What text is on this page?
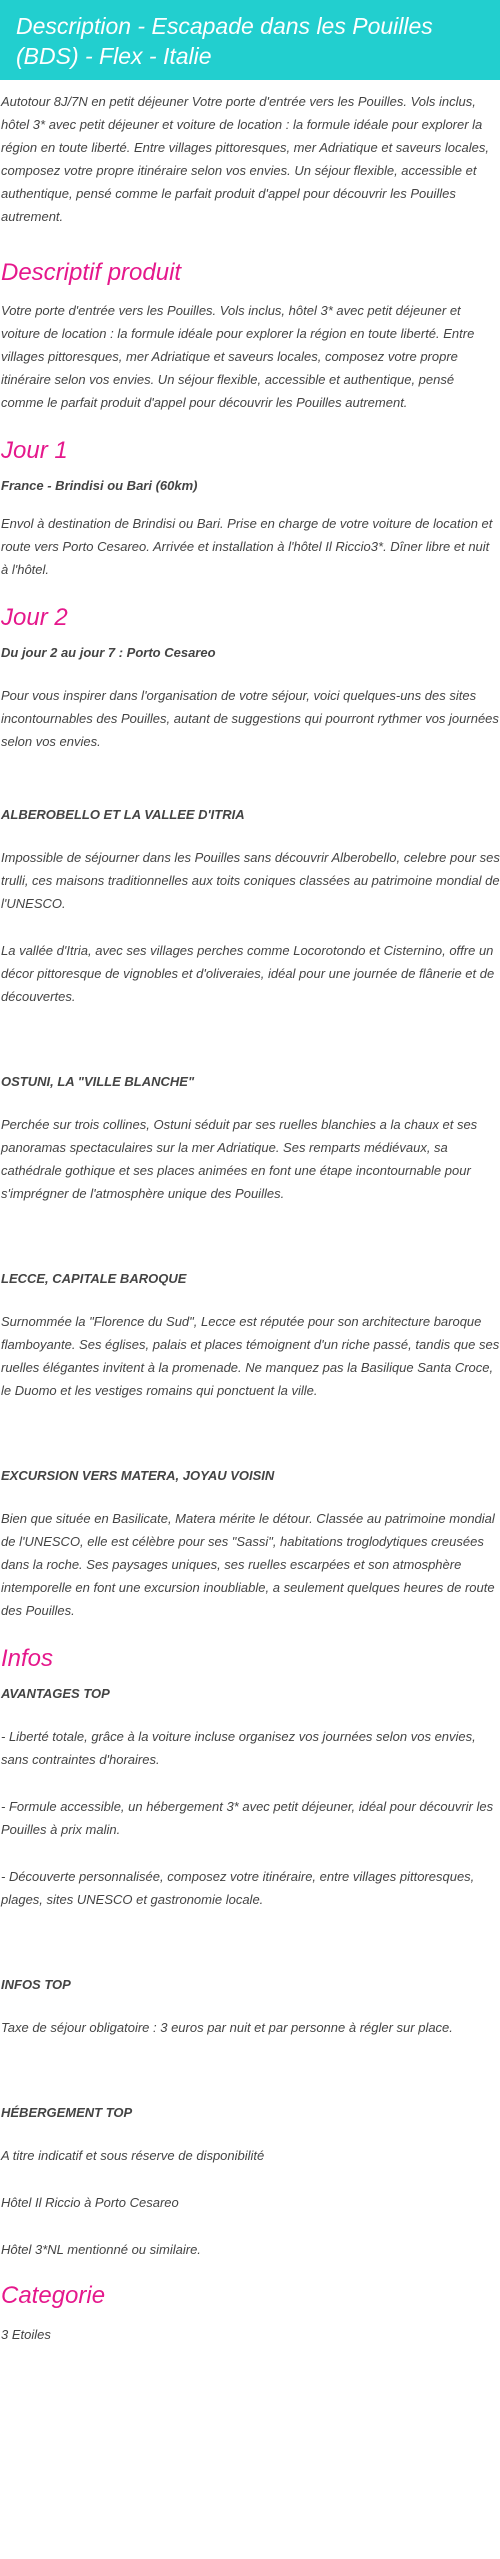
Description - Escapade dans les Pouilles (BDS) - Flex - Italie

Autotour 8J/7N en petit déjeuner Votre porte d'entrée vers les Pouilles. Vols inclus, hôtel 3* avec petit déjeuner et voiture de location : la formule idéale pour explorer la région en toute liberté. Entre villages pittoresques, mer Adriatique et saveurs locales, composez votre propre itinéraire selon vos envies. Un séjour flexible, accessible et authentique, pensé comme le parfait produit d'appel pour découvrir les Pouilles autrement.

Descriptif produit

Votre porte d'entrée vers les Pouilles. Vols inclus, hôtel 3* avec petit déjeuner et voiture de location : la formule idéale pour explorer la région en toute liberté. Entre villages pittoresques, mer Adriatique et saveurs locales, composez votre propre itinéraire selon vos envies. Un séjour flexible, accessible et authentique, pensé comme le parfait produit d'appel pour découvrir les Pouilles autrement.

Jour 1

France - Brindisi ou Bari (60km)

Envol à destination de Brindisi ou Bari. Prise en charge de votre voiture de location et route vers Porto Cesareo. Arrivée et installation à l'hôtel Il Riccio3*. Dîner libre et nuit à l'hôtel.

Jour 2

Du jour 2 au jour 7 : Porto Cesareo

Pour vous inspirer dans l'organisation de votre séjour, voici quelques-uns des sites incontournables des Pouilles, autant de suggestions qui pourront rythmer vos journées selon vos envies.

ALBEROBELLO ET LA VALLEE D'ITRIA

Impossible de séjourner dans les Pouilles sans découvrir Alberobello, celebre pour ses trulli, ces maisons traditionnelles aux toits coniques classées au patrimoine mondial de l'UNESCO.

La vallée d'Itria, avec ses villages perches comme Locorotondo et Cisternino, offre un décor pittoresque de vignobles et d'oliveraies, idéal pour une journée de flânerie et de découvertes.

OSTUNI, LA "VILLE BLANCHE"

Perchée sur trois collines, Ostuni séduit par ses ruelles blanchies a la chaux et ses panoramas spectaculaires sur la mer Adriatique. Ses remparts médiévaux, sa cathédrale gothique et ses places animées en font une étape incontournable pour s'imprégner de l'atmosphère unique des Pouilles.

LECCE, CAPITALE BAROQUE

Surnommée la "Florence du Sud", Lecce est réputée pour son architecture baroque flamboyante. Ses églises, palais et places témoignent d'un riche passé, tandis que ses ruelles élégantes invitent à la promenade. Ne manquez pas la Basilique Santa Croce, le Duomo et les vestiges romains qui ponctuent la ville.

EXCURSION VERS MATERA, JOYAU VOISIN

Bien que située en Basilicate, Matera mérite le détour. Classée au patrimoine mondial de l'UNESCO, elle est célèbre pour ses "Sassi", habitations troglodytiques creusées dans la roche. Ses paysages uniques, ses ruelles escarpées et son atmosphère intemporelle en font une excursion inoubliable, a seulement quelques heures de route des Pouilles.

Infos

AVANTAGES TOP

- Liberté totale, grâce à la voiture incluse organisez vos journées selon vos envies, sans contraintes d'horaires.

- Formule accessible, un hébergement 3* avec petit déjeuner, idéal pour découvrir les Pouilles à prix malin.

- Découverte personnalisée, composez votre itinéraire, entre villages pittoresques, plages, sites UNESCO et gastronomie locale.

INFOS TOP

Taxe de séjour obligatoire : 3 euros par nuit et par personne à régler sur place.

HÉBERGEMENT TOP

A titre indicatif et sous réserve de disponibilité

Hôtel Il Riccio à Porto Cesareo

Hôtel 3*NL mentionné ou similaire.

Categorie

3 Etoiles
